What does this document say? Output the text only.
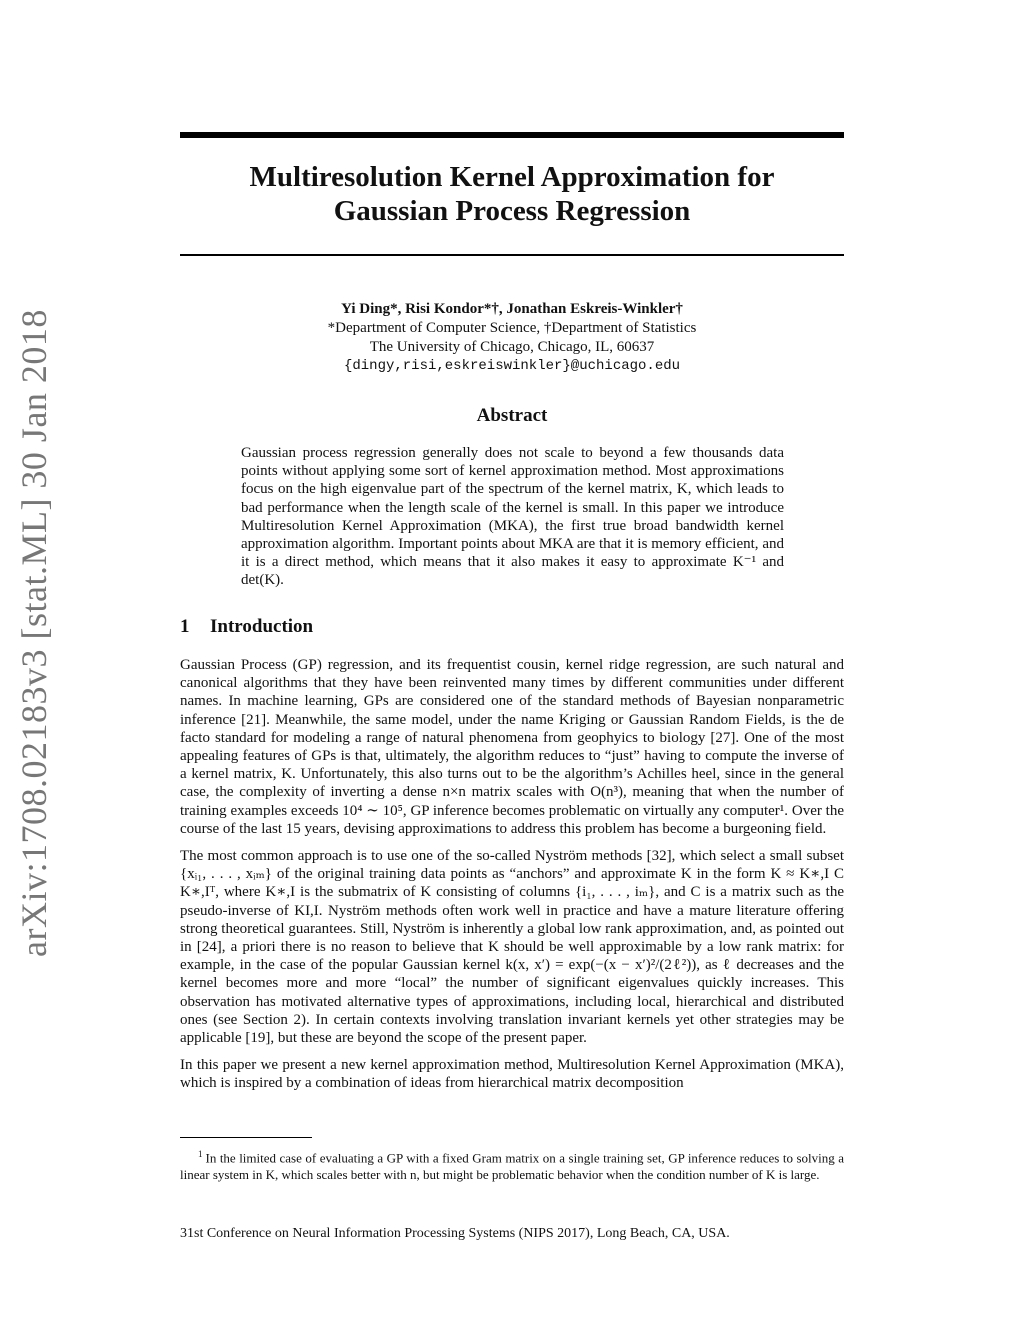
arXiv:1708.02183v3 [stat.ML] 30 Jan 2018
Multiresolution Kernel Approximation for
Gaussian Process Regression
Yi Ding*, Risi Kondor*†, Jonathan Eskreis-Winkler†
*Department of Computer Science, †Department of Statistics
The University of Chicago, Chicago, IL, 60637
{dingy,risi,eskreiswinkler}@uchicago.edu
Abstract
Gaussian process regression generally does not scale to beyond a few thousands data points without applying some sort of kernel approximation method. Most approximations focus on the high eigenvalue part of the spectrum of the kernel matrix, K, which leads to bad performance when the length scale of the kernel is small. In this paper we introduce Multiresolution Kernel Approximation (MKA), the first true broad bandwidth kernel approximation algorithm. Important points about MKA are that it is memory efficient, and it is a direct method, which means that it also makes it easy to approximate K⁻¹ and det(K).
1 Introduction

Gaussian Process (GP) regression, and its frequentist cousin, kernel ridge regression, are such natural and canonical algorithms that they have been reinvented many times by different communities under different names. In machine learning, GPs are considered one of the standard methods of Bayesian nonparametric inference [21]. Meanwhile, the same model, under the name Kriging or Gaussian Random Fields, is the de facto standard for modeling a range of natural phenomena from geophyics to biology [27]. One of the most appealing features of GPs is that, ultimately, the algorithm reduces to “just” having to compute the inverse of a kernel matrix, K. Unfortunately, this also turns out to be the algorithm’s Achilles heel, since in the general case, the complexity of inverting a dense n×n matrix scales with O(n³), meaning that when the number of training examples exceeds 10⁴ ∼ 10⁵, GP inference becomes problematic on virtually any computer¹. Over the course of the last 15 years, devising approximations to address this problem has become a burgeoning field.

The most common approach is to use one of the so-called Nyström methods [32], which select a small subset {xᵢ₁, . . . , xᵢₘ} of the original training data points as “anchors” and approximate K in the form K ≈ K∗,I C K∗,Iᵀ, where K∗,I is the submatrix of K consisting of columns {i₁, . . . , iₘ}, and C is a matrix such as the pseudo-inverse of KI,I. Nyström methods often work well in practice and have a mature literature offering strong theoretical guarantees. Still, Nyström is inherently a global low rank approximation, and, as pointed out in [24], a priori there is no reason to believe that K should be well approximable by a low rank matrix: for example, in the case of the popular Gaussian kernel k(x, x′) = exp(−(x − x′)²/(2ℓ²)), as ℓ decreases and the kernel becomes more and more “local” the number of significant eigenvalues quickly increases. This observation has motivated alternative types of approximations, including local, hierarchical and distributed ones (see Section 2). In certain contexts involving translation invariant kernels yet other strategies may be applicable [19], but these are beyond the scope of the present paper.

In this paper we present a new kernel approximation method, Multiresolution Kernel Approximation (MKA), which is inspired by a combination of ideas from hierarchical matrix decomposition

$^1$ In the limited case of evaluating a GP with a fixed Gram matrix on a single training set, GP inference reduces to solving a linear system in K, which scales better with n, but might be problematic behavior when the condition number of K is large.
31st Conference on Neural Information Processing Systems (NIPS 2017), Long Beach, CA, USA.
